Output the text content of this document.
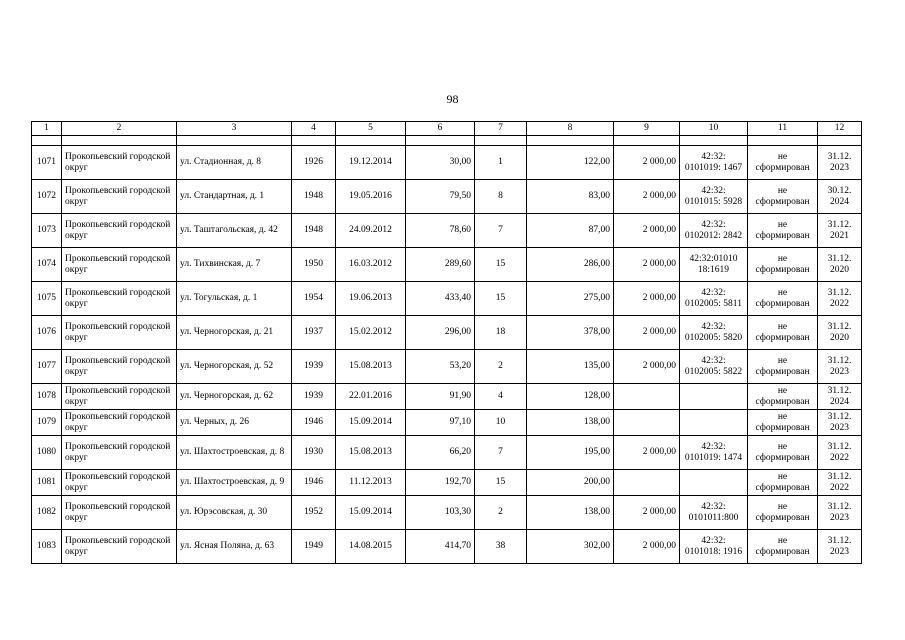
98
1	2	3	4	5	6	7	8	9	10	11	12

1071	Прокопьевский городской округ	ул. Стадионная, д. 8	1926	19.12.2014	30,00	1	122,00	2 000,00	42:32: 0101019: 1467	не сформирован	31.12. 2023
1072	Прокопьевский городской округ	ул. Стандартная, д. 1	1948	19.05.2016	79,50	8	83,00	2 000,00	42:32: 0101015: 5928	не сформирован	30.12. 2024
1073	Прокопьевский городской округ	ул. Таштагольская, д. 42	1948	24.09.2012	78,60	7	87,00	2 000,00	42:32: 0102012: 2842	не сформирован	31.12. 2021
1074	Прокопьевский городской округ	ул. Тихвинская, д. 7	1950	16.03.2012	289,60	15	286,00	2 000,00	42:32:01010 18:1619	не сформирован	31.12. 2020
1075	Прокопьевский городской округ	ул. Тогульская, д. 1	1954	19.06.2013	433,40	15	275,00	2 000,00	42:32: 0102005: 5811	не сформирован	31.12. 2022
1076	Прокопьевский городской округ	ул. Черногорская, д. 21	1937	15.02.2012	296,00	18	378,00	2 000,00	42:32: 0102005: 5820	не сформирован	31.12. 2020
1077	Прокопьевский городской округ	ул. Черногорская, д. 52	1939	15.08.2013	53,20	2	135,00	2 000,00	42:32: 0102005: 5822	не сформирован	31.12. 2023
1078	Прокопьевский городской округ	ул. Черногорская, д. 62	1939	22.01.2016	91,90	4	128,00			не сформирован	31.12. 2024
1079	Прокопьевский городской округ	ул. Черных, д. 26	1946	15.09.2014	97,10	10	138,00			не сформирован	31.12. 2023
1080	Прокопьевский городской округ	ул. Шахтостроевская, д. 8	1930	15.08.2013	66,20	7	195,00	2 000,00	42:32: 0101019: 1474	не сформирован	31.12. 2022
1081	Прокопьевский городской округ	ул. Шахтостроевская, д. 9	1946	11.12.2013	192,70	15	200,00			не сформирован	31.12. 2022
1082	Прокопьевский городской округ	ул. Юрэсовская, д. 30	1952	15.09.2014	103,30	2	138,00	2 000,00	42:32: 0101011:800	не сформирован	31.12. 2023
1083	Прокопьевский городской округ	ул. Ясная Поляна, д. 63	1949	14.08.2015	414,70	38	302,00	2 000,00	42:32: 0101018: 1916	не сформирован	31.12. 2023
